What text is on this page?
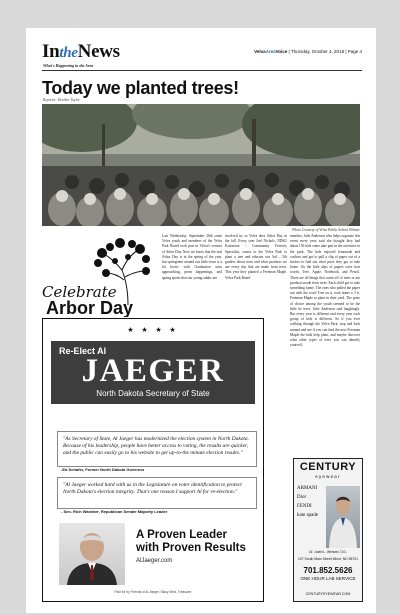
IntheNews
What's Happening in the Area
VelvaAreaVoice | Thursday, October 4, 2018 | Page 4
Today we planted trees!
Reporter: Heather Taylor
Photo Courtesy of Velva Public School Website
Celebrate
Arbor Day
Last Wednesday, September 26th some Velva youth and members of the Velva Park Board took part in Velva's version of Arbor Day. Now we know that the real Arbor Day is in the spring of the year, but springtime around our little town is a bit hectic with Graduation soon approaching, prom happenings, and spring sports that our young adults are
involved in; so Velva does Arbor Day in the fall. Every year Joel Nichols, NDSU Extension - Community Forestry Specialist, comes to the Velva Park to plant a tree and educate our 3rd – 5th graders about trees and what products we use every day that are made from trees. This year they planted a Freeman Maple. Velva Park Board
member, Julie Anderson who helps organize this event every year, said she thought they had about 130 kids come take part in the activities in the park. The kids enjoyed lemonade and cookies and got to pull a slip of paper out of a bucket to find out what prize they got to take home. On the little slips of papers were four words; Tree, Apple, Notebook, and Pencil. There are all things that come off of trees or are products made from trees. Each child got to take something home. The ones who pulled the paper out with the word Tree on it, took home a 3 ft. Freeman Maple to plant in their yard. The prize of choice among the youth seemed to be the little tie trees, Julie Anderson said laughingly. But every year is different and every year each group of kids is different. So if you ever walking through the Velva Park, stop and look around and see if you can find the new Freeman Maple the kids help plant, and maybe discover what other types of trees you can identify yourself.
★ ★ ★ ★
Re-Elect Al
JAEGER
North Dakota Secretary of State
"As Secretary of State, Al Jaeger has modernized the election system in North Dakota. Because of his leadership, people have better access to voting, the results are quicker, and the public can easily go to his website to get up-to-the minute election results."
-Ed Schafer, Former North Dakota Governor
"Al Jaeger worked hard with us in the Legislature on voter identification to protect North Dakota's election integrity. That's one reason I support Al for re-election."
- Sen. Rich Wardner, Republican Senate Majority Leader
A Proven Leader
with Proven Results
AlJaeger.com
Paid for by Friends of Al Jaeger, Stacy Melz, Treasurer
CENTURY
eyewear
ARMANI
Dior
FENDI
kate spade
Dr. Justin L. Wentzel, O.D.
107 South Main Street Minot, ND 58701
701.852.5626
ONE HOUR LAB SERVICE
CENTURYEYEWEAR.COM
